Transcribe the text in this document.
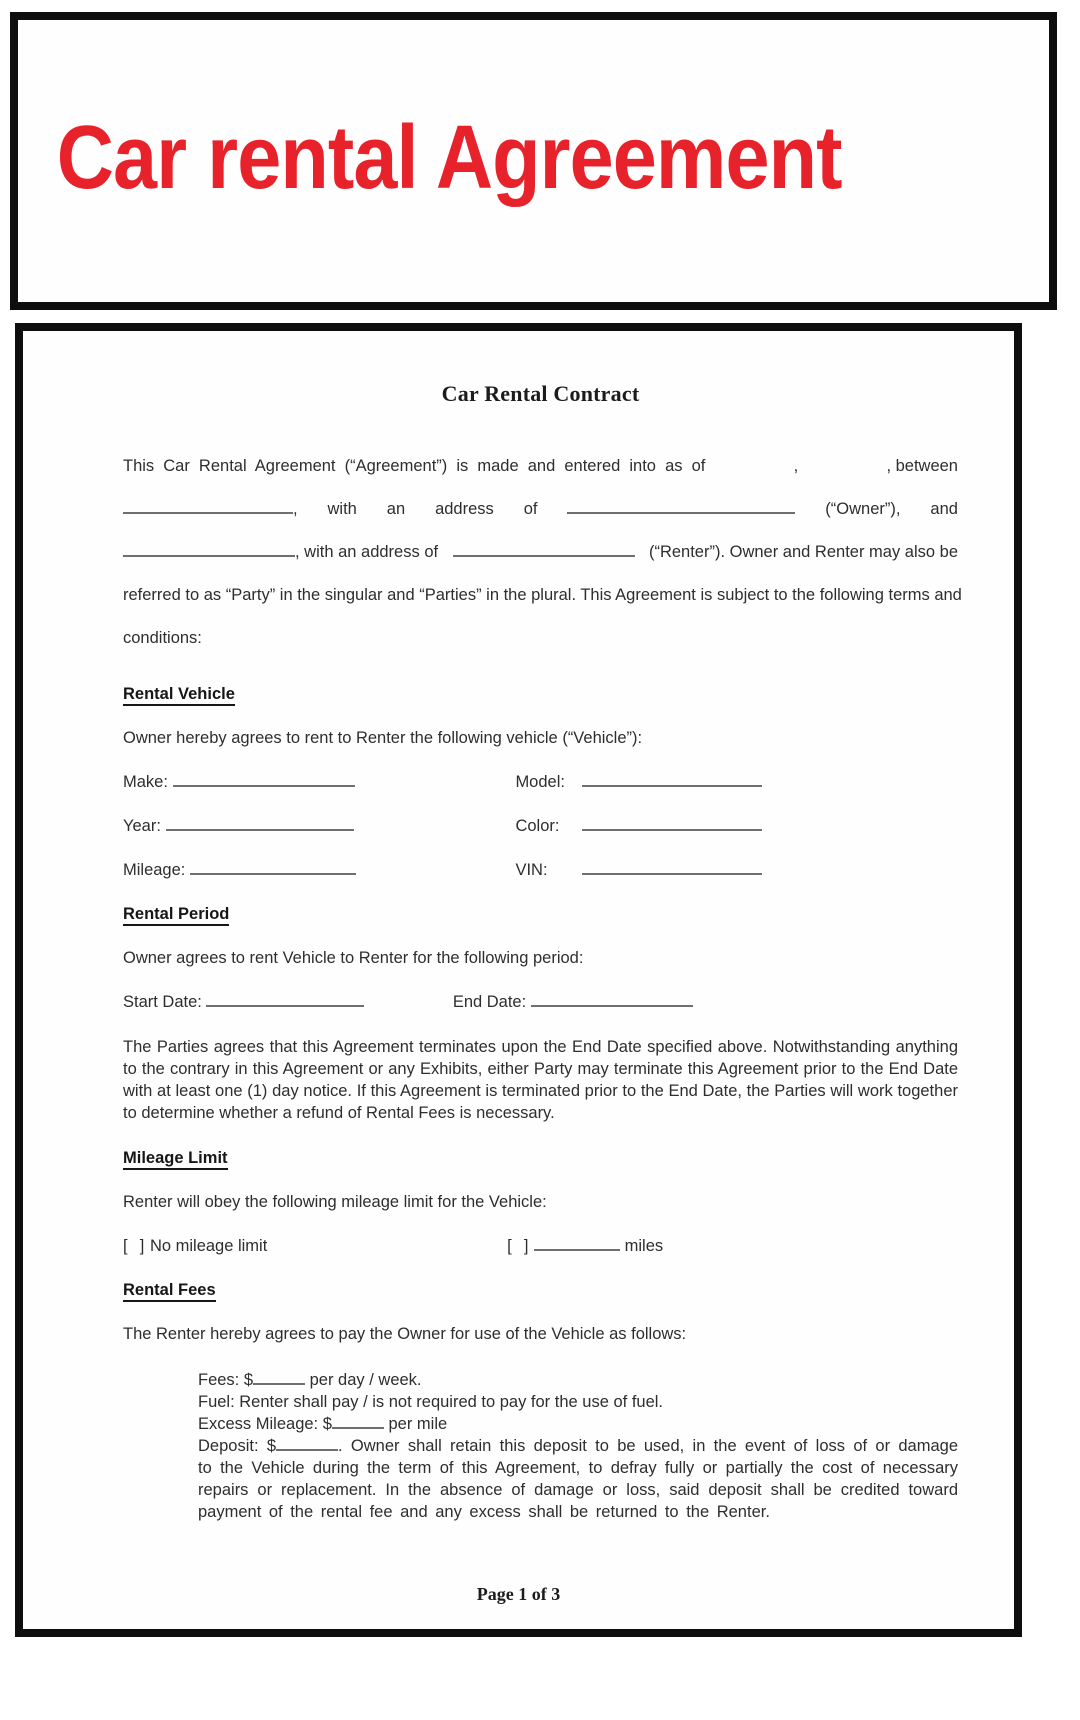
Car rental Agreement
Car Rental Contract
This Car Rental Agreement (“Agreement”) is made and entered into as of	,	, between
, with an address of	(“Owner”), and
, with an address of	(“Renter”). Owner and Renter may also be
referred to as “Party” in the singular and “Parties” in the plural. This Agreement is subject to the following terms and
conditions:
Rental Vehicle
Owner hereby agrees to rent to Renter the following vehicle (“Vehicle”):
Make:	Model:
Year:	Color:
Mileage:	VIN:
Rental Period
Owner agrees to rent Vehicle to Renter for the following period:
Start Date:	End Date:
The Parties agrees that this Agreement terminates upon the End Date specified above. Notwithstanding anything to the contrary in this Agreement or any Exhibits, either Party may terminate this Agreement prior to the End Date with at least one (1) day notice. If this Agreement is terminated prior to the End Date, the Parties will work together to determine whether a refund of Rental Fees is necessary.
Mileage Limit
Renter will obey the following mileage limit for the Vehicle:
[  ] No mileage limit	[  ]	miles
Rental Fees
The Renter hereby agrees to pay the Owner for use of the Vehicle as follows:
Fees: $	per day / week.
Fuel: Renter shall pay / is not required to pay for the use of fuel.
Excess Mileage: $	per mile
Deposit: $	. Owner shall retain this deposit to be used, in the event of loss of or damage to the Vehicle during the term of this Agreement, to defray fully or partially the cost of necessary repairs or replacement. In the absence of damage or loss, said deposit shall be credited toward payment of the rental fee and any excess shall be returned to the Renter.
Page 1 of 3
